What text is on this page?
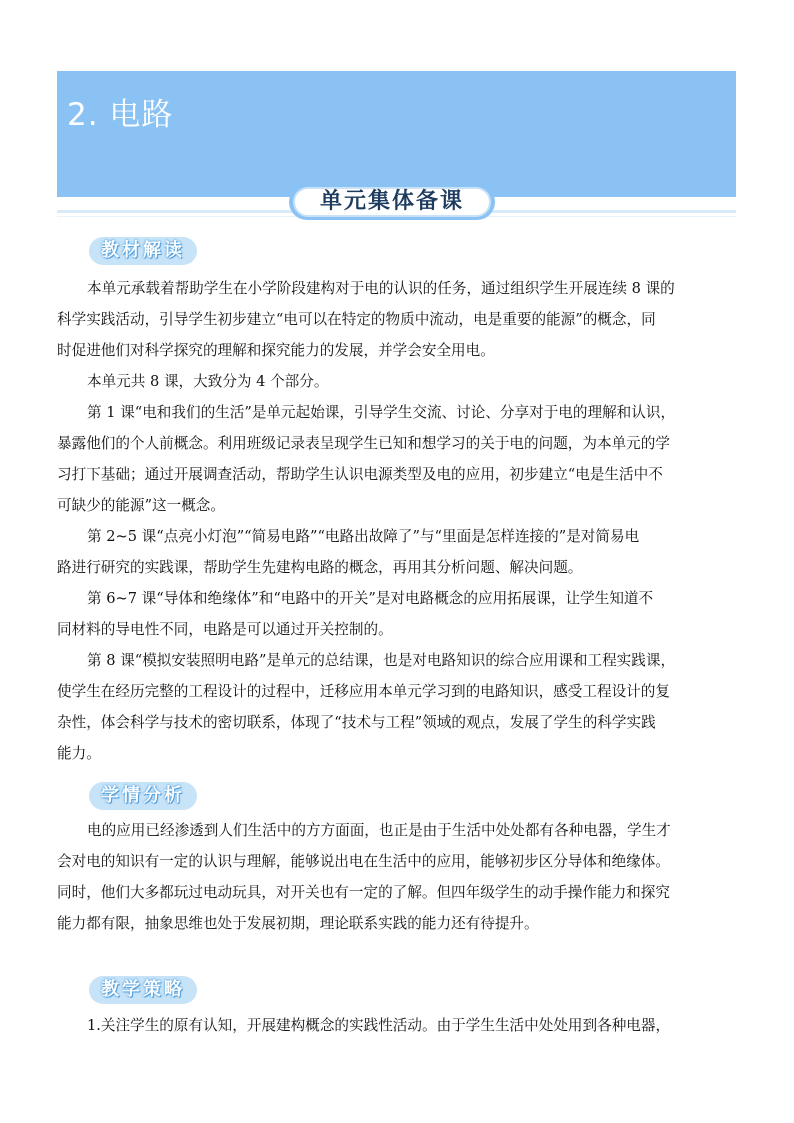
2. 电路
单元集体备课
教材解读
本单元承载着帮助学生在小学阶段建构对于电的认识的任务，通过组织学生开展连续 8 课的
科学实践活动，引导学生初步建立“电可以在特定的物质中流动，电是重要的能源”的概念，同
时促进他们对科学探究的理解和探究能力的发展，并学会安全用电。
本单元共 8 课，大致分为 4 个部分。
第 1 课“电和我们的生活”是单元起始课，引导学生交流、讨论、分享对于电的理解和认识，
暴露他们的个人前概念。利用班级记录表呈现学生已知和想学习的关于电的问题，为本单元的学
习打下基础；通过开展调查活动，帮助学生认识电源类型及电的应用，初步建立“电是生活中不
可缺少的能源”这一概念。
第 2~5 课“点亮小灯泡”“简易电路”“电路出故障了”与“里面是怎样连接的”是对简易电
路进行研究的实践课，帮助学生先建构电路的概念，再用其分析问题、解决问题。
第 6~7 课“导体和绝缘体”和“电路中的开关”是对电路概念的应用拓展课，让学生知道不
同材料的导电性不同，电路是可以通过开关控制的。
第 8 课“模拟安装照明电路”是单元的总结课，也是对电路知识的综合应用课和工程实践课，
使学生在经历完整的工程设计的过程中，迁移应用本单元学习到的电路知识，感受工程设计的复
杂性，体会科学与技术的密切联系，体现了“技术与工程”领域的观点，发展了学生的科学实践
能力。
学情分析
电的应用已经渗透到人们生活中的方方面面，也正是由于生活中处处都有各种电器，学生才
会对电的知识有一定的认识与理解，能够说出电在生活中的应用，能够初步区分导体和绝缘体。
同时，他们大多都玩过电动玩具，对开关也有一定的了解。但四年级学生的动手操作能力和探究
能力都有限，抽象思维也处于发展初期，理论联系实践的能力还有待提升。
教学策略
1.关注学生的原有认知，开展建构概念的实践性活动。由于学生生活中处处用到各种电器，
